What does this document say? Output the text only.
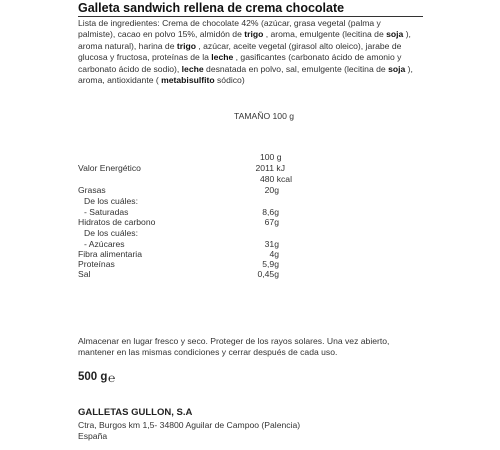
Galleta sandwich rellena de crema chocolate

Lista de ingredientes: Crema de chocolate 42% (azúcar, grasa vegetal (palma y palmiste), cacao en polvo 15%, almidón de trigo , aroma, emulgente (lecitina de soja ), aroma natural), harina de trigo , azúcar, aceite vegetal (girasol alto oleico), jarabe de glucosa y fructosa, proteínas de la leche , gasificantes (carbonato ácido de amonio y carbonato ácido de sodio), leche desnatada en polvo, sal, emulgente (lecitina de soja ), aroma, antioxidante ( metabisulfito sódico)

TAMAÑO 100 g
100 g
Valor Energético	2011 kJ
480 kcal
Grasas	20g
De los cuáles:
- Saturadas	8,6g
Hidratos de carbono	67g
De los cuáles:
- Azúcares	31g
Fibra alimentaria	4g
Proteínas	5,9g
Sal	0,45g

Almacenar en lugar fresco y seco. Proteger de los rayos solares. Una vez abierto, mantener en las mismas condiciones y cerrar después de cada uso.

500 g ℮
GALLETAS GULLON, S.A
Ctra, Burgos km 1,5- 34800 Aguilar de Campoo (Palencia)
España
